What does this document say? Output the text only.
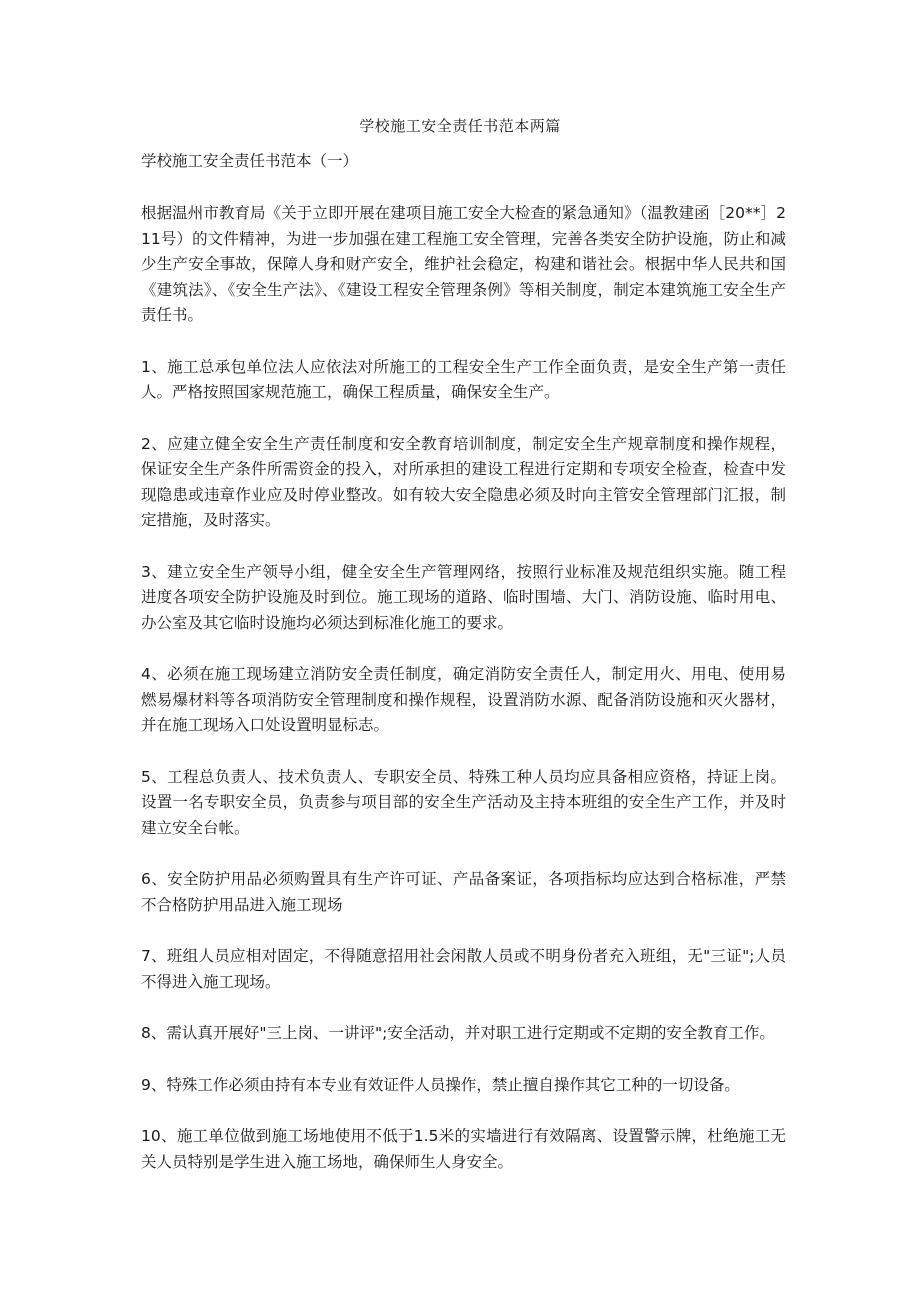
学校施工安全责任书范本两篇
学校施工安全责任书范本（一）

根据温州市教育局《关于立即开展在建项目施工安全大检查的紧急通知》（温教建函［20**］211号）的文件精神，为进一步加强在建工程施工安全管理，完善各类安全防护设施，防止和减少生产安全事故，保障人身和财产安全，维护社会稳定，构建和谐社会。根据中华人民共和国《建筑法》、《安全生产法》、《建设工程安全管理条例》等相关制度，制定本建筑施工安全生产责任书。

1、施工总承包单位法人应依法对所施工的工程安全生产工作全面负责，是安全生产第一责任人。严格按照国家规范施工，确保工程质量，确保安全生产。

2、应建立健全安全生产责任制度和安全教育培训制度，制定安全生产规章制度和操作规程，保证安全生产条件所需资金的投入，对所承担的建设工程进行定期和专项安全检查，检查中发现隐患或违章作业应及时停业整改。如有较大安全隐患必须及时向主管安全管理部门汇报，制定措施，及时落实。

3、建立安全生产领导小组，健全安全生产管理网络，按照行业标准及规范组织实施。随工程进度各项安全防护设施及时到位。施工现场的道路、临时围墙、大门、消防设施、临时用电、办公室及其它临时设施均必须达到标准化施工的要求。

4、必须在施工现场建立消防安全责任制度，确定消防安全责任人，制定用火、用电、使用易燃易爆材料等各项消防安全管理制度和操作规程，设置消防水源、配备消防设施和灭火器材，并在施工现场入口处设置明显标志。

5、工程总负责人、技术负责人、专职安全员、特殊工种人员均应具备相应资格，持证上岗。设置一名专职安全员，负责参与项目部的安全生产活动及主持本班组的安全生产工作，并及时建立安全台帐。

6、安全防护用品必须购置具有生产许可证、产品备案证，各项指标均应达到合格标准，严禁不合格防护用品进入施工现场

7、班组人员应相对固定，不得随意招用社会闲散人员或不明身份者充入班组，无"三证";人员不得进入施工现场。

8、需认真开展好"三上岗、一讲评";安全活动，并对职工进行定期或不定期的安全教育工作。

9、特殊工作必须由持有本专业有效证件人员操作，禁止擅自操作其它工种的一切设备。

10、施工单位做到施工场地使用不低于1.5米的实墙进行有效隔离、设置警示牌，杜绝施工无关人员特别是学生进入施工场地，确保师生人身安全。
